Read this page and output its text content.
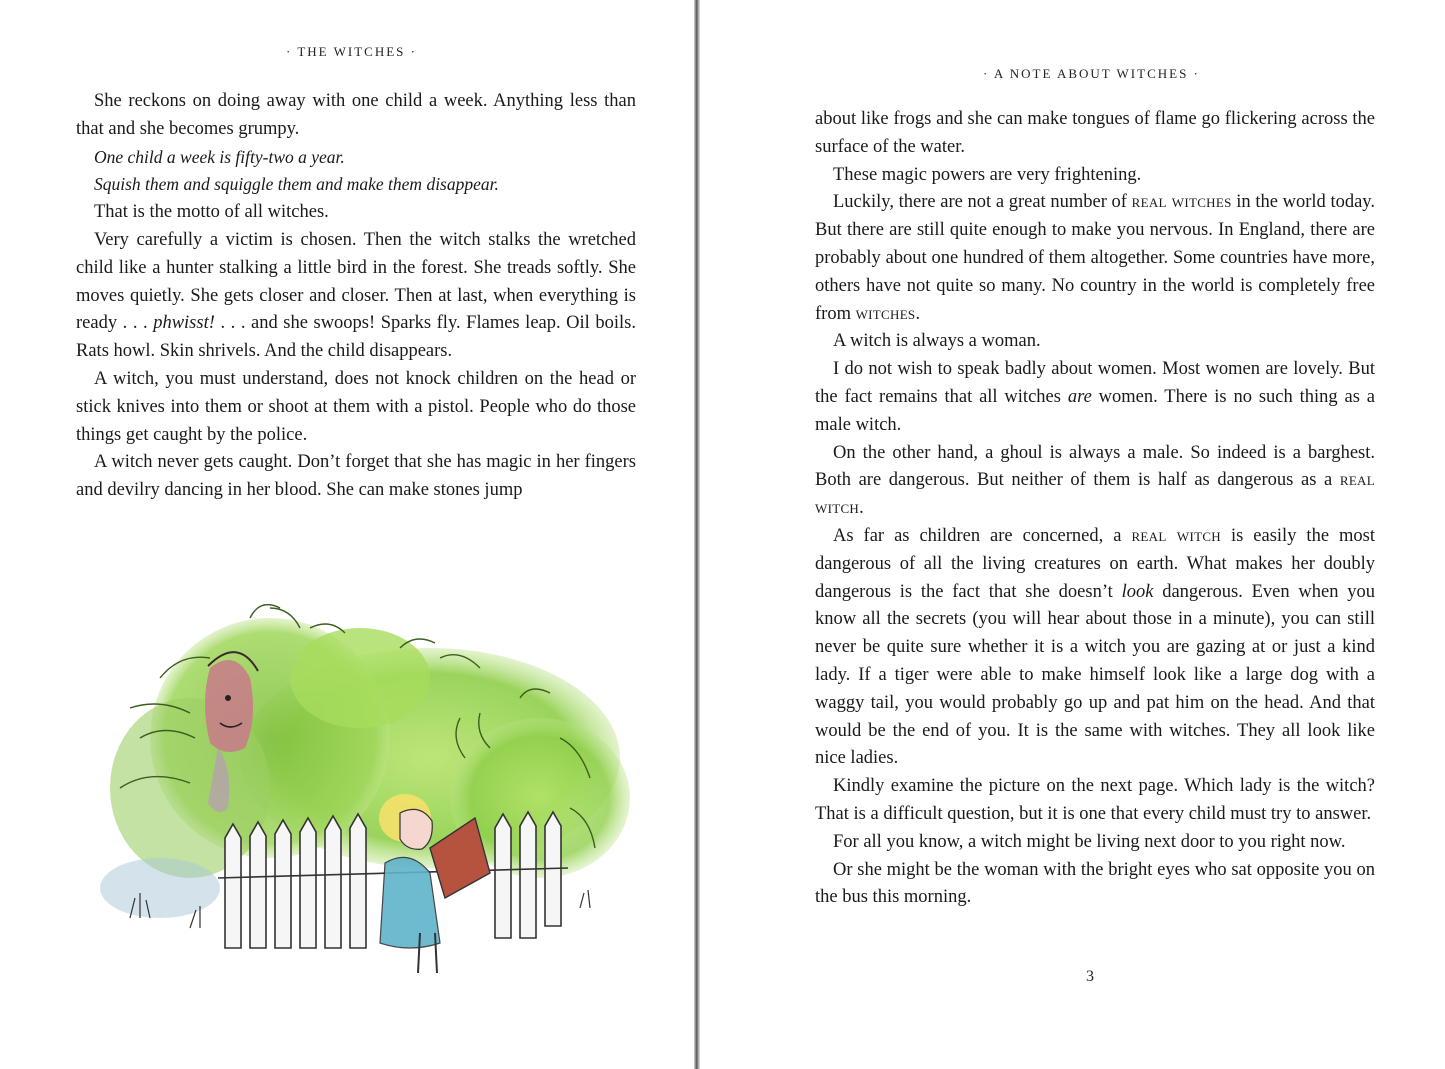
· THE WITCHES ·

She reckons on doing away with one child a week. Anything less than that and she becomes grumpy.

One child a week is fifty-two a year.

Squish them and squiggle them and make them disappear.

That is the motto of all witches.

Very carefully a victim is chosen. Then the witch stalks the wretched child like a hunter stalking a little bird in the forest. She treads softly. She moves quietly. She gets closer and closer. Then at last, when everything is ready . . . phwisst! . . . and she swoops! Sparks fly. Flames leap. Oil boils. Rats howl. Skin shrivels. And the child disappears.

A witch, you must understand, does not knock children on the head or stick knives into them or shoot at them with a pistol. People who do those things get caught by the police.

A witch never gets caught. Don’t forget that she has magic in her fingers and devilry dancing in her blood. She can make stones jump

· A NOTE ABOUT WITCHES ·
3

about like frogs and she can make tongues of flame go flickering across the surface of the water.

These magic powers are very frightening.

Luckily, there are not a great number of real witches in the world today. But there are still quite enough to make you nervous. In England, there are probably about one hundred of them altogether. Some countries have more, others have not quite so many. No country in the world is completely free from witches.

A witch is always a woman.

I do not wish to speak badly about women. Most women are lovely. But the fact remains that all witches are women. There is no such thing as a male witch.

On the other hand, a ghoul is always a male. So indeed is a barghest. Both are dangerous. But neither of them is half as dangerous as a real witch.

As far as children are concerned, a real witch is easily the most dangerous of all the living creatures on earth. What makes her doubly dangerous is the fact that she doesn’t look dangerous. Even when you know all the secrets (you will hear about those in a minute), you can still never be quite sure whether it is a witch you are gazing at or just a kind lady. If a tiger were able to make himself look like a large dog with a waggy tail, you would probably go up and pat him on the head. And that would be the end of you. It is the same with witches. They all look like nice ladies.

Kindly examine the picture on the next page. Which lady is the witch? That is a difficult question, but it is one that every child must try to answer.

For all you know, a witch might be living next door to you right now.

Or she might be the woman with the bright eyes who sat opposite you on the bus this morning.
